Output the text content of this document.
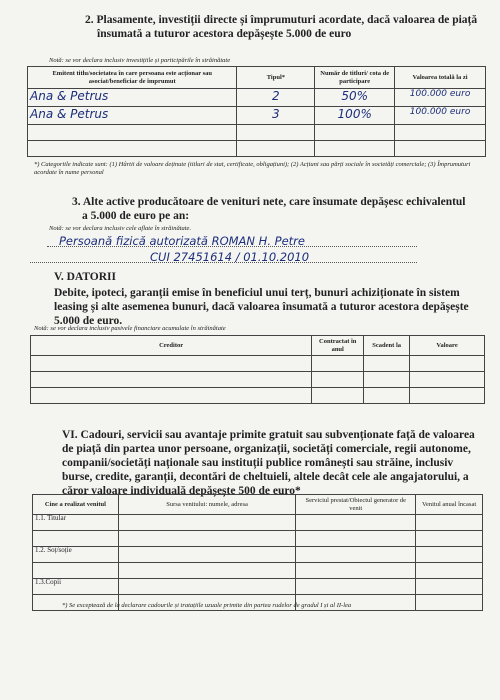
2. Plasamente, investiții directe și împrumuturi acordate, dacă valoarea de piață
însumată a tuturor acestora depășește 5.000 de euro
Notă: se vor declara inclusiv investițiile și participările în străinătate
Emitent titlu/societatea în care persoana este acționar sau asociat/beneficiar de împrumut	Tipul*	Număr de titluri/ cota de participare	Valoarea totală la zi
Ana & Petrus	2	50%	100.000 euro
Ana & Petrus	3	100%	100.000 euro

*) Categoriile indicate sunt: (1) Hârtii de valoare deținute (titluri de stat, certificate, obligațiuni); (2) Acțiuni sau părți sociale în societăți comerciale; (3) Împrumuturi acordate în nume personal
3. Alte active producătoare de venituri nete, care însumate depășesc echivalentul
a 5.000 de euro pe an:
Notă: se vor declara inclusiv cele aflate în străinătate.
Persoană fizică autorizată ROMAN H. Petre
CUI 27451614 / 01.10.2010
V. DATORII
Debite, ipoteci, garanții emise în beneficiul unui terț, bunuri achiziționate în sistem leasing și alte asemenea bunuri, dacă valoarea însumată a tuturor acestora depășește 5.000 de euro.
Notă: se vor declara inclusiv pasivele financiare acumulate în străinătate
Creditor	Contractat în anul	Scadent la	Valoare

VI. Cadouri, servicii sau avantaje primite gratuit sau subvenționate față de valoarea de piață din partea unor persoane, organizații, societăți comerciale, regii autonome, companii/societăți naționale sau instituții publice românești sau străine, inclusiv burse, credite, garanții, decontări de cheltuieli, altele decât cele ale angajatorului, a căror valoare individuală depășește 500 de euro*
Cine a realizat venitul	Sursa venitului: numele, adresa	Serviciul prestat/Obiectul generator de venit	Venitul anual încasat
1.1. Titular			

1.2. Soț/soție			

1.3.Copii			

*) Se exceptează de la declarare cadourile și tratațiile uzuale primite din partea rudelor de gradul I și al II-lea
